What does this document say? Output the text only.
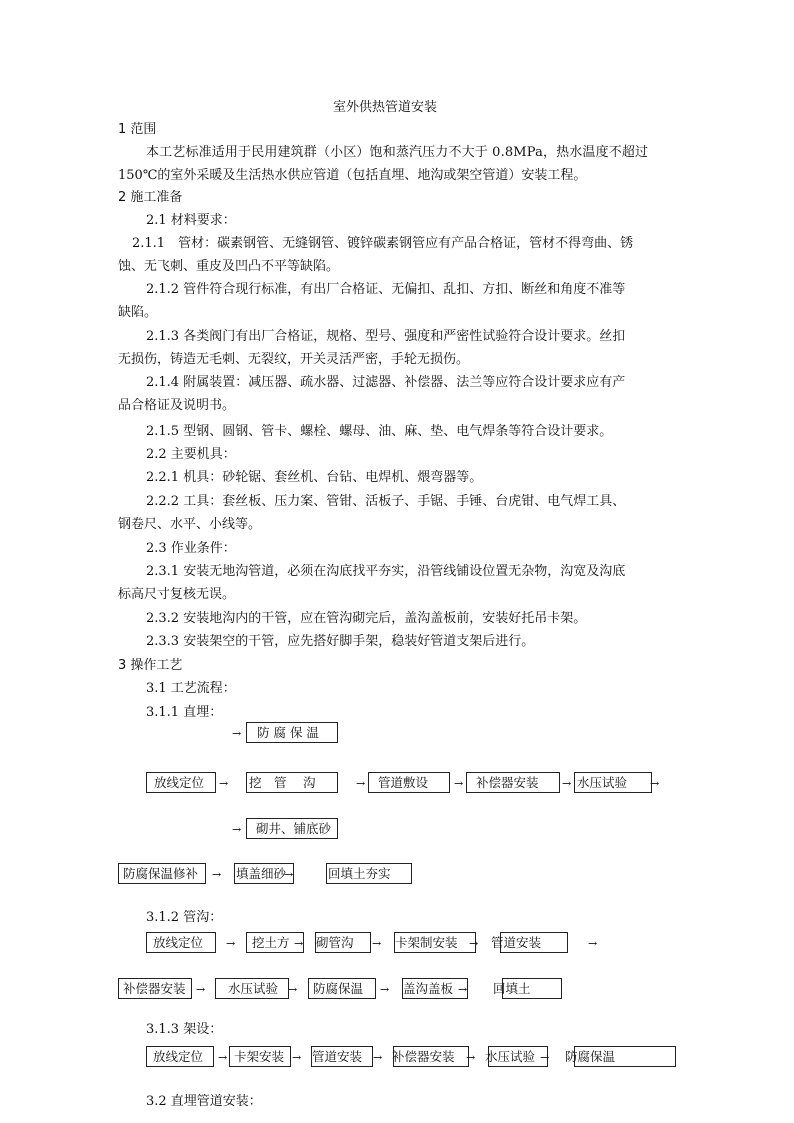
室外供热管道安装
1 范围
本工艺标准适用于民用建筑群（小区）饱和蒸汽压力不大于 0.8MPa，热水温度不超过
150℃的室外采暖及生活热水供应管道（包括直埋、地沟或架空管道）安装工程。
2 施工准备
2.1 材料要求：
2.1.1　管材：碳素钢管、无缝钢管、镀锌碳素钢管应有产品合格证，管材不得弯曲、锈
蚀、无飞刺、重皮及凹凸不平等缺陷。
2.1.2 管件符合现行标准，有出厂合格证、无偏扣、乱扣、方扣、断丝和角度不准等
缺陷。
2.1.3 各类阀门有出厂合格证，规格、型号、强度和严密性试验符合设计要求。丝扣
无损伤，铸造无毛刺、无裂纹，开关灵活严密，手轮无损伤。
2.1.4 附属装置：减压器、疏水器、过滤器、补偿器、法兰等应符合设计要求应有产
品合格证及说明书。
2.1.5 型钢、圆钢、管卡、螺栓、螺母、油、麻、垫、电气焊条等符合设计要求。
2.2 主要机具：
2.2.1 机具：砂轮锯、套丝机、台钻、电焊机、煨弯器等。
2.2.2 工具：套丝板、压力案、管钳、活板子、手锯、手锤、台虎钳、电气焊工具、
钢卷尺、水平、小线等。
2.3 作业条件：
2.3.1 安装无地沟管道，必须在沟底找平夯实，沿管线铺设位置无杂物，沟宽及沟底
标高尺寸复核无误。
2.3.2 安装地沟内的干管，应在管沟砌完后，盖沟盖板前，安装好托吊卡架。
2.3.3 安装架空的干管，应先搭好脚手架，稳装好管道支架后进行。
3 操作工艺
3.1 工艺流程：
3.1.1 直埋：
→ 防 腐 保 温
放线定位 → 挖　管　 沟	→ 管道敷设 → 补偿器安装 → 水压试验 →
→ 砌井、铺底砂
防腐保温修补 → 填盖细砂
→	回填土夯实
3.1.2 管沟：
放线定位 → 挖土方 → 砌管沟 → 卡架制安装 → 管道安装	→
补偿器安装 → 水压试验 → 防腐保温 → 盖沟盖板 → 回填土
3.1.3 架设：
放线定位 → 卡架安装 → 管道安装 → 补偿器安装 → 水压试验 → 防腐保温
3.2 直埋管道安装：
